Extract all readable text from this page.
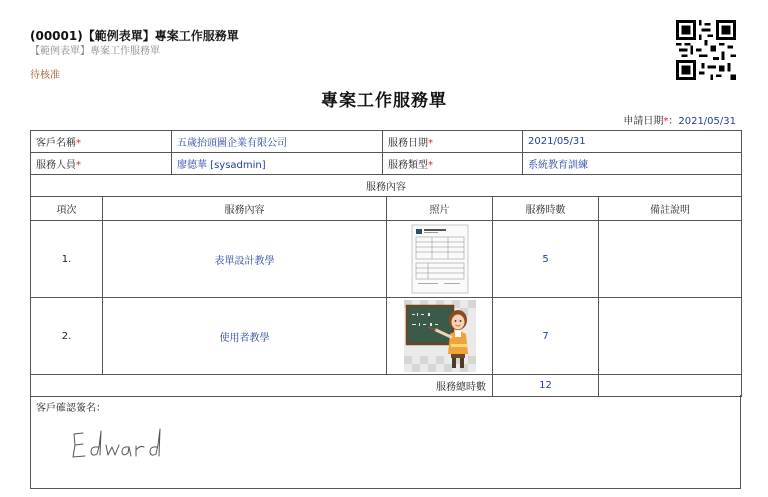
(00001)【範例表單】專案工作服務單
【範例表單】專案工作服務單
待核准
專案工作服務單
申請日期*：2021/05/31
客戶名稱*	五歲抬頭圖企業有限公司	服務日期*	2021/05/31
服務人員*	廖德華 [sysadmin]	服務類型*	系統教育訓練
服務內容				
項次	服務內容	照片	服務時數	備註說明
1.	表單設計教學		5	
2.	使用者教學		7	
服務總時數			12	
客戶確認簽名：
